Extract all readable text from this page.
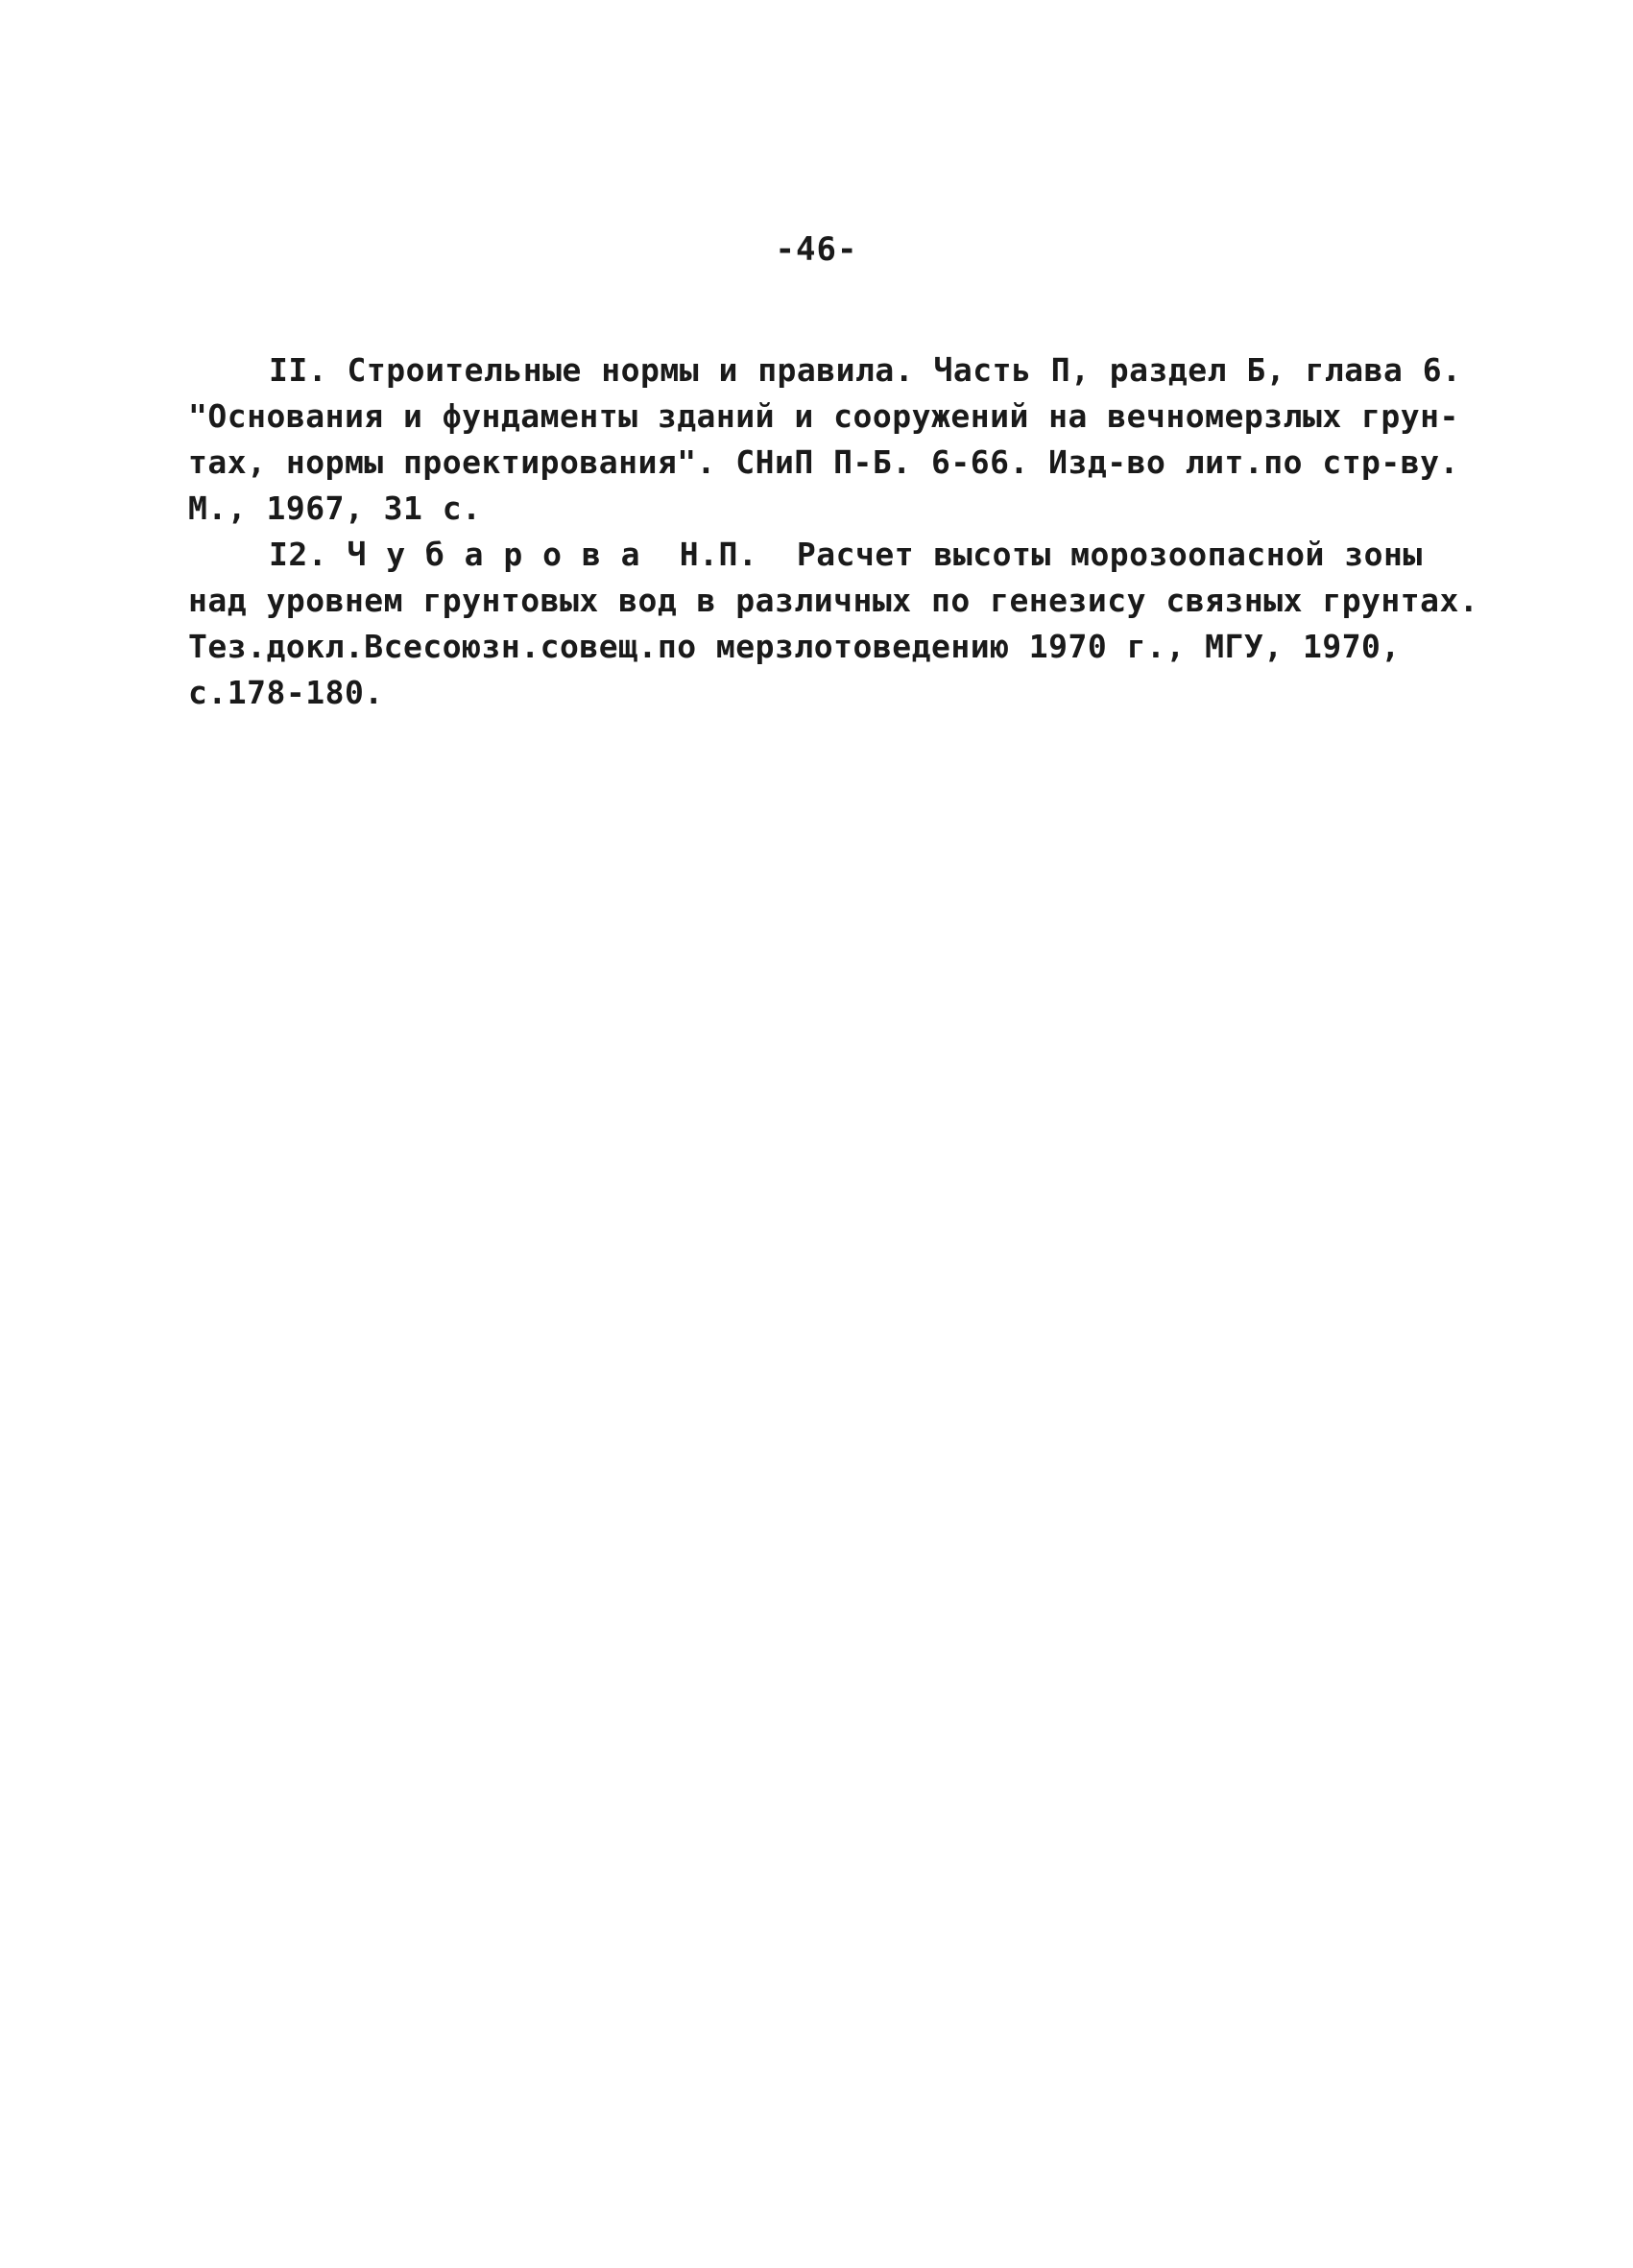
-46-
II. Строительные нормы и правила. Часть П, раздел Б, глава 6.
"Основания и фундаменты зданий и сооружений на вечномерзлых грун-
тах, нормы проектирования". СНиП П-Б. 6-66. Изд-во лит.по стр-ву.
М., 1967, 31 с.
I2. Ч у б а р о в а  Н.П.  Расчет высоты морозоопасной зоны
над уровнем грунтовых вод в различных по генезису связных грунтах.
Тез.докл.Всесоюзн.совещ.по мерзлотоведению 1970 г., МГУ, 1970,
с.178-180.
